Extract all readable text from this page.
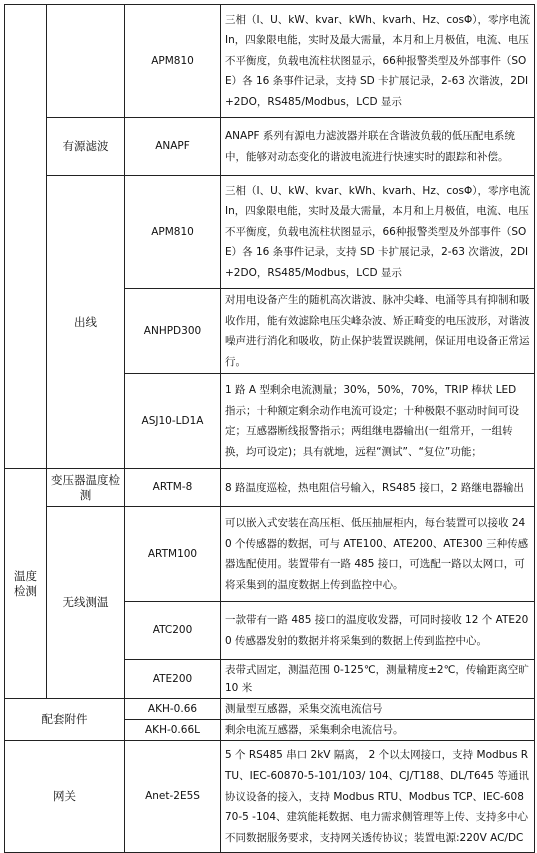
		APM810	三相（I、U、kW、kvar、kWh、kvarh、Hz、cosΦ），零序电流 In，四象限电能，实时及最大需量，本月和上月极值，电流、电压不平衡度，负载电流柱状图显示，66种报警类型及外部事件（SOE）各 16 条事件记录，支持 SD 卡扩展记录，2-63 次谐波，2DI+2DO，RS485/Modbus，LCD 显示
	有源滤波	ANAPF	ANAPF 系列有源电力滤波器并联在含谐波负载的低压配电系统中，能够对动态变化的谐波电流进行快速实时的跟踪和补偿。
	出线	APM810	三相（I、U、kW、kvar、kWh、kvarh、Hz、cosΦ），零序电流 In，四象限电能，实时及最大需量，本月和上月极值，电流、电压不平衡度，负载电流柱状图显示，66种报警类型及外部事件（SOE）各 16 条事件记录，支持 SD 卡扩展记录，2-63 次谐波，2DI+2DO，RS485/Modbus，LCD 显示
		ANHPD300	对用电设备产生的随机高次谐波、脉冲尖峰、电涌等具有抑制和吸收作用，能有效滤除电压尖峰杂波、矫正畸变的电压波形，对谐波噪声进行消化和吸收，防止保护装置误跳闸，保证用电设备正常运行。
		ASJ10-LD1A	1 路 A 型剩余电流测量；30%，50%，70%，TRIP 棒状 LED 指示；十种额定剩余动作电流可设定；十种极限不驱动时间可设定；互感器断线报警指示；两组继电器输出(一组常开，一组转换，均可设定)；具有就地，远程“测试”、“复位”功能；
温度检测	变压器温度检测	ARTM-8	8 路温度巡检，热电阻信号输入，RS485 接口，2 路继电器输出
	无线测温	ARTM100	可以嵌入式安装在高压柜、低压抽屉柜内，每台装置可以接收 240 个传感器的数据，可与 ATE100、ATE200、ATE300 三种传感器选配使用。装置带有一路 485 接口，可选配一路以太网口，可将采集到的温度数据上传到监控中心。
		ATC200	一款带有一路 485 接口的温度收发器，可同时接收 12 个 ATE200 传感器发射的数据并将采集到的数据上传到监控中心。
		ATE200	表带式固定，测温范围 0-125℃，测量精度±2℃，传输距离空旷 10 米
配套附件		AKH-0.66	测量型互感器，采集交流电流信号
		AKH-0.66L	剩余电流互感器，采集剩余电流信号。
网关		Anet-2E5S	5 个 RS485 串口 2kV 隔离， 2 个以太网接口，支持 Modbus RTU、IEC-60870-5-101/103/ 104、CJ/T188、DL/T645 等通讯协议设备的接入，支持 Modbus RTU、Modbus TCP、IEC-60870-5 -104、建筑能耗数据、电力需求侧管理等上传、支持多中心不同数据服务要求，支持网关透传协议；装置电源:220V AC/DC
